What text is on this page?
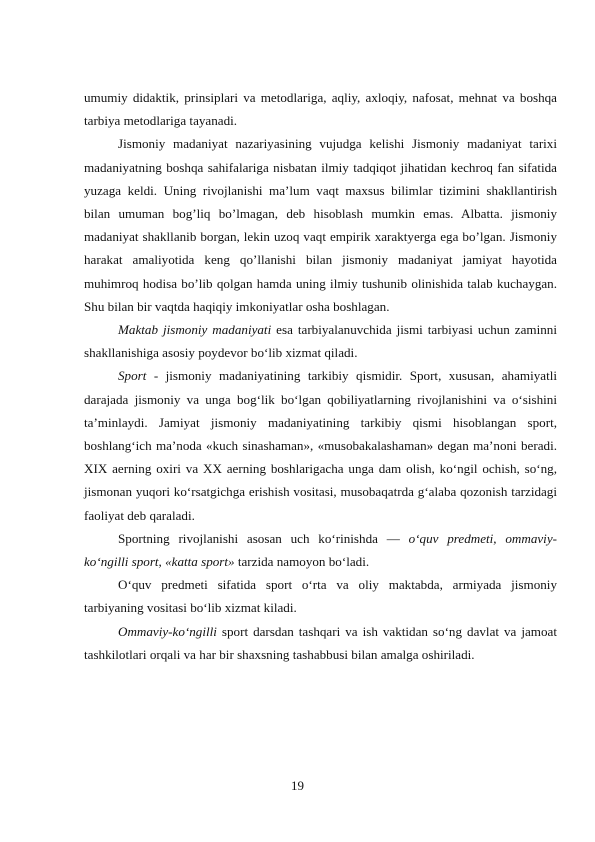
umumiy didaktik, prinsiplari va metodlariga, aqliy, axloqiy, nafosat, mehnat va boshqa tarbiya metodlariga tayanadi.

Jismoniy madaniyat nazariyasining vujudga kelishi Jismoniy madaniyat tarixi madaniyatning boshqa sahifalariga nisbatan ilmiy tadqiqot jihatidan kechroq fan sifatida yuzaga keldi. Uning rivojlanishi ma’lum vaqt maxsus bilimlar tizimini shakllantirish bilan umuman bog’liq bo’lmagan, deb hisoblash mumkin emas. Albatta. jismoniy madaniyat shakllanib borgan, lekin uzoq vaqt empirik xaraktyerga ega bo’lgan. Jismoniy harakat amaliyotida keng qo’llanishi bilan jismoniy madaniyat jamiyat hayotida muhimroq hodisa bo’lib qolgan hamda uning ilmiy tushunib olinishida talab kuchaygan. Shu bilan bir vaqtda haqiqiy imkoniyatlar osha boshlagan.

Maktab jismoniy madaniyati esa tarbiyalanuvchida jismi tarbiyasi uchun zaminni shakllanishiga asosiy poydevor bo‘lib xizmat qiladi.

Sport - jismoniy madaniyatining tarkibiy qismidir. Sport, xususan, ahamiyatli darajada jismoniy va unga bog‘lik bo‘lgan qobiliyatlarning rivojlanishini va o‘sishini ta’minlaydi. Jamiyat jismoniy madaniyatining tarkibiy qismi hisoblangan sport, boshlang‘ich ma’noda «kuch sinashaman», «musobakalashaman» degan ma’noni beradi. XIX aerning oxiri va XX aerning boshlarigacha unga dam olish, ko‘ngil ochish, so‘ng, jismonan yuqori ko‘rsatgichga erishish vositasi, musobaqatrda g‘alaba qozonish tarzidagi faoliyat deb qaraladi.

Sportning rivojlanishi asosan uch ko‘rinishda — o‘quv predmeti, ommaviy-ko‘ngilli sport, «katta sport» tarzida namoyon bo‘ladi.

O‘quv predmeti sifatida sport o‘rta va oliy maktabda, armiyada jismoniy tarbiyaning vositasi bo‘lib xizmat kiladi.

Ommaviy-ko‘ngilli sport darsdan tashqari va ish vaktidan so‘ng davlat va jamoat tashkilotlari orqali va har bir shaxsning tashabbusi bilan amalga oshiriladi.

19
